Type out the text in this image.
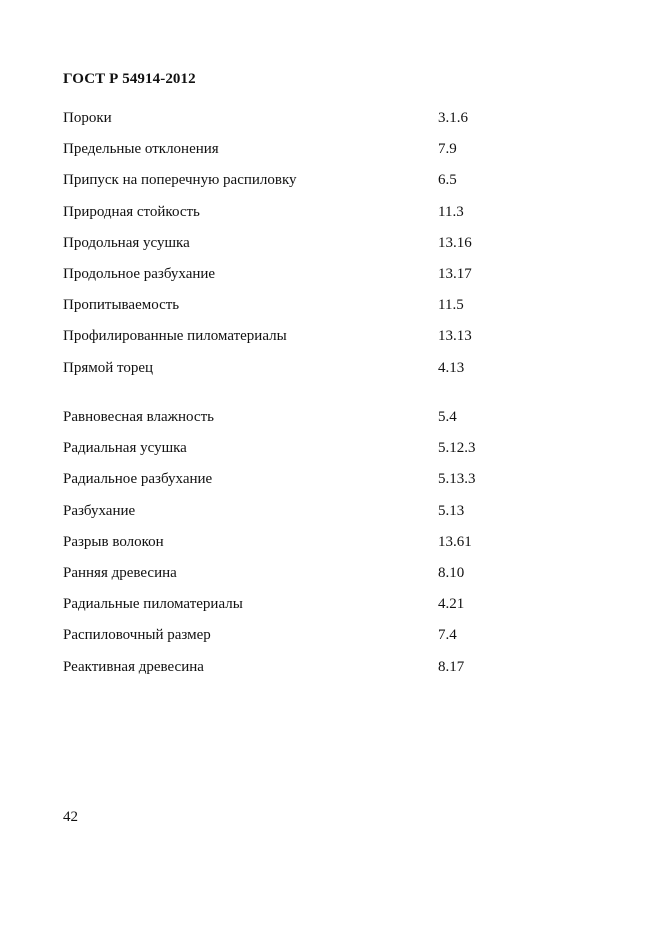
ГОСТ Р 54914-2012
Пороки	3.1.6
Предельные отклонения	7.9
Припуск на поперечную распиловку	6.5
Природная стойкость	11.3
Продольная усушка	13.16
Продольное разбухание	13.17
Пропитываемость	11.5
Профилированные пиломатериалы	13.13
Прямой торец	4.13
Равновесная влажность	5.4
Радиальная усушка	5.12.3
Радиальное разбухание	5.13.3
Разбухание	5.13
Разрыв волокон	13.61
Ранняя древесина	8.10
Радиальные пиломатериалы	4.21
Распиловочный размер	7.4
Реактивная древесина	8.17
42
